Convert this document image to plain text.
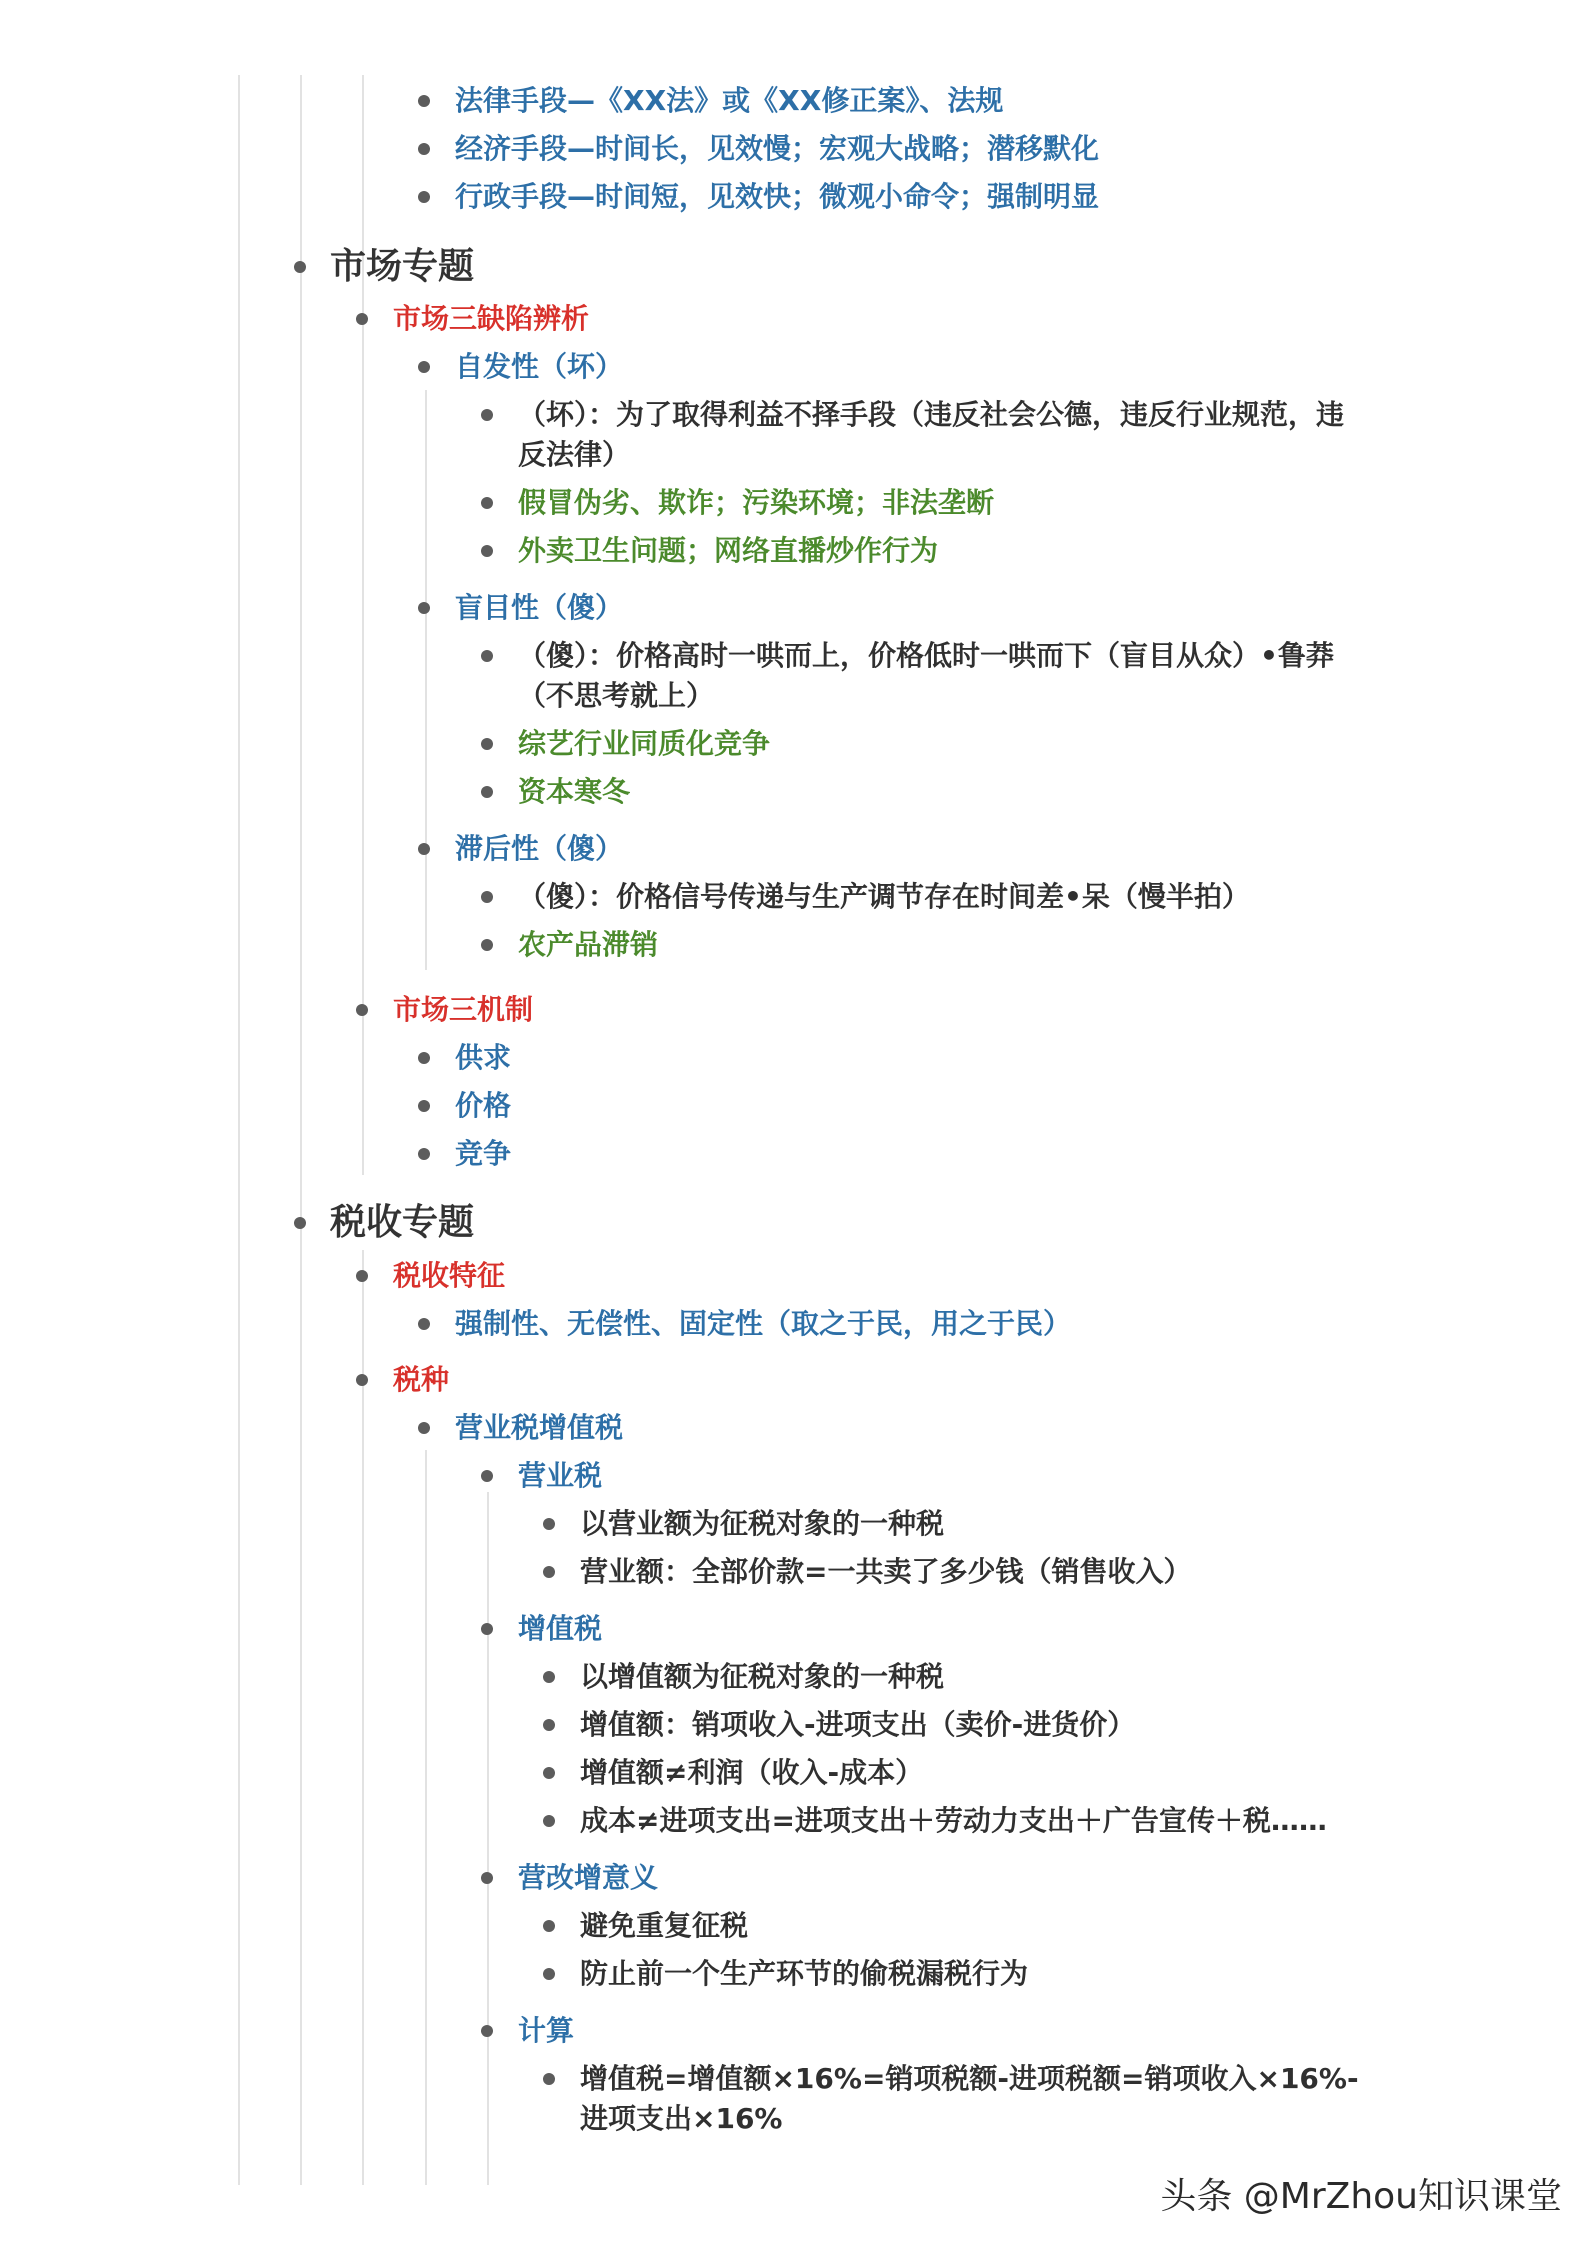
法律手段—《XX法》或《XX修正案》、法规
经济手段—时间长，见效慢；宏观大战略；潜移默化
行政手段—时间短，见效快；微观小命令；强制明显
市场专题
市场三缺陷辨析
自发性（坏）
（坏）：为了取得利益不择手段（违反社会公德，违反行业规范，违反法律）
假冒伪劣、欺诈；污染环境；非法垄断
外卖卫生问题；网络直播炒作行为
盲目性（傻）
（傻）：价格高时一哄而上，价格低时一哄而下（盲目从众）•鲁莽（不思考就上）
综艺行业同质化竞争
资本寒冬
滞后性（傻）
（傻）：价格信号传递与生产调节存在时间差•呆（慢半拍）
农产品滞销
市场三机制
供求
价格
竞争
税收专题
税收特征
强制性、无偿性、固定性（取之于民，用之于民）
税种
营业税增值税
营业税
以营业额为征税对象的一种税
营业额：全部价款=一共卖了多少钱（销售收入）
增值税
以增值额为征税对象的一种税
增值额：销项收入-进项支出（卖价-进货价）
增值额≠利润（收入-成本）
成本≠进项支出=进项支出＋劳动力支出＋广告宣传＋税……
营改增意义
避免重复征税
防止前一个生产环节的偷税漏税行为
计算
增值税=增值额×16%=销项税额-进项税额=销项收入×16%-进项支出×16%
头条 @MrZhou知识课堂
